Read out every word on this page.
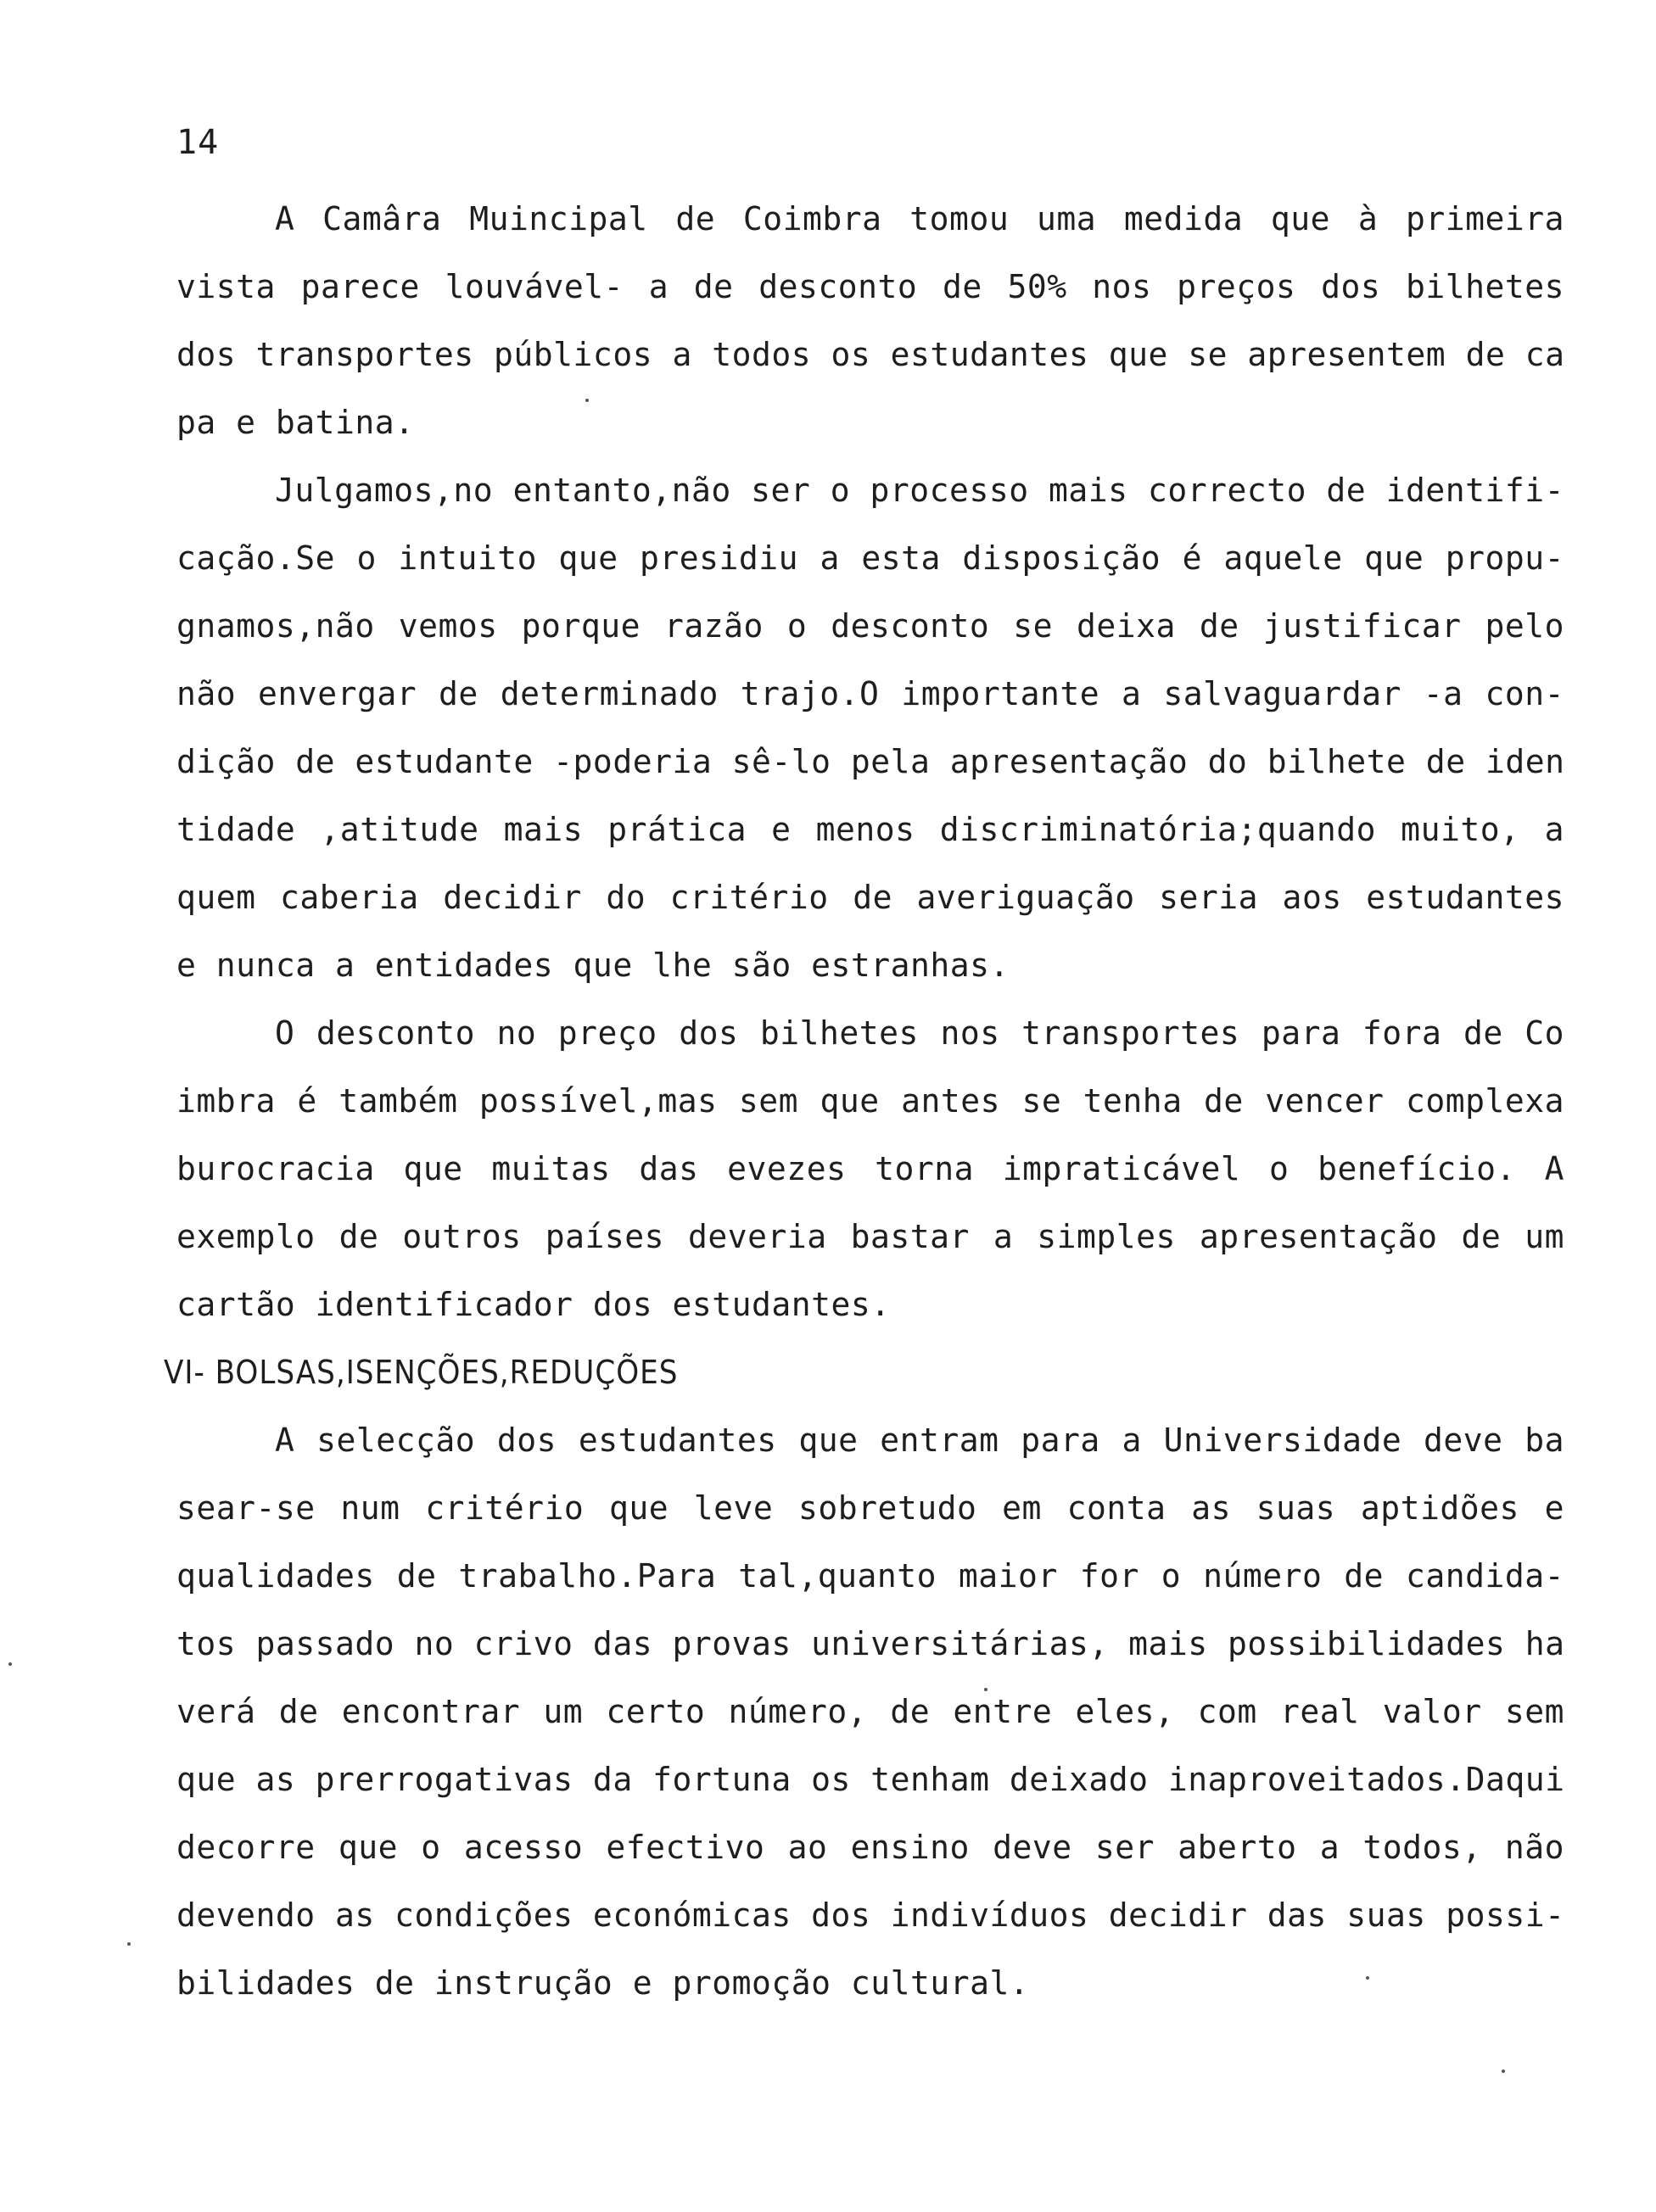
14
A Camâra Muincipal de Coimbra tomou uma medida que à primeira
vista parece louvável- a de desconto de 50% nos preços dos bilhetes
dos transportes públicos a todos os estudantes que se apresentem de ca
pa e batina.
Julgamos,no entanto,não ser o processo mais correcto de identifi-
cação.Se o intuito que presidiu a esta disposição é aquele que propu-
gnamos,não vemos porque razão o desconto se deixa de justificar pelo
não envergar de determinado trajo.O importante a salvaguardar -a con-
dição de estudante -poderia sê-lo pela apresentação do bilhete de iden
tidade ,atitude mais prática e menos discriminatória;quando muito, a
quem caberia decidir do critério de averiguação seria aos estudantes
e nunca a entidades que lhe são estranhas.
O desconto no preço dos bilhetes nos transportes para fora de Co
imbra é também possível,mas sem que antes se tenha de vencer complexa
burocracia que muitas das evezes torna impraticável o benefício. A
exemplo de outros países deveria bastar a simples apresentação de um
cartão identificador dos estudantes.
VI- BOLSAS,ISENÇÕES,REDUÇÕES
A selecção dos estudantes que entram para a Universidade deve ba
sear-se num critério que leve sobretudo em conta as suas aptidões e
qualidades de trabalho.Para tal,quanto maior for o número de candida-
tos passado no crivo das provas universitárias, mais possibilidades ha
verá de encontrar um certo número, de entre eles, com real valor sem
que as prerrogativas da fortuna os tenham deixado inaproveitados.Daqui
decorre que o acesso efectivo ao ensino deve ser aberto a todos, não
devendo as condições económicas dos indivíduos decidir das suas possi-
bilidades de instrução e promoção cultural.
